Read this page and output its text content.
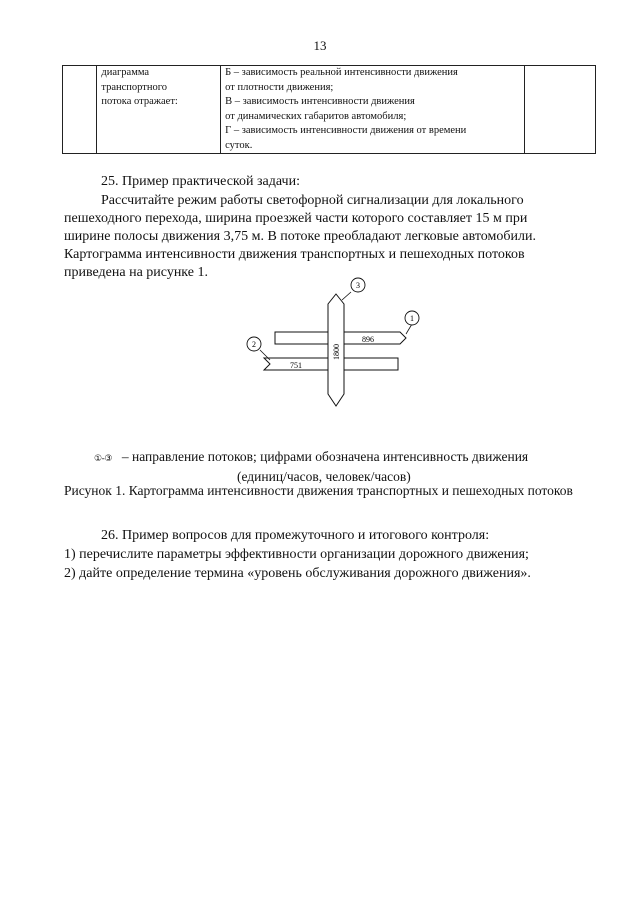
13

диаграмма
транспортного
потока отражает:

Б – зависимость реальной интенсивности движения
от плотности движения;
В – зависимость интенсивности движения
от динамических габаритов автомобиля;
Г – зависимость интенсивности движения от времени
суток.

25. Пример практической задачи:
Рассчитайте режим работы светофорной сигнализации для локального
пешеходного перехода, ширина проезжей части которого составляет 15 м при
ширине полосы движения 3,75 м. В потоке преобладают легковые автомобили.
Картограмма интенсивности движения транспортных и пешеходных потоков
приведена на рисунке 1.
1
2
3
896
751
1800
①-③ – направление потоков; цифрами обозначена интенсивность движения
(единиц/часов, человек/часов)
Рисунок 1. Картограмма интенсивности движения транспортных и пешеходных потоков
26. Пример вопросов для промежуточного и итогового контроля:
1) перечислите параметры эффективности организации дорожного движения;
2) дайте определение термина «уровень обслуживания дорожного движения».
